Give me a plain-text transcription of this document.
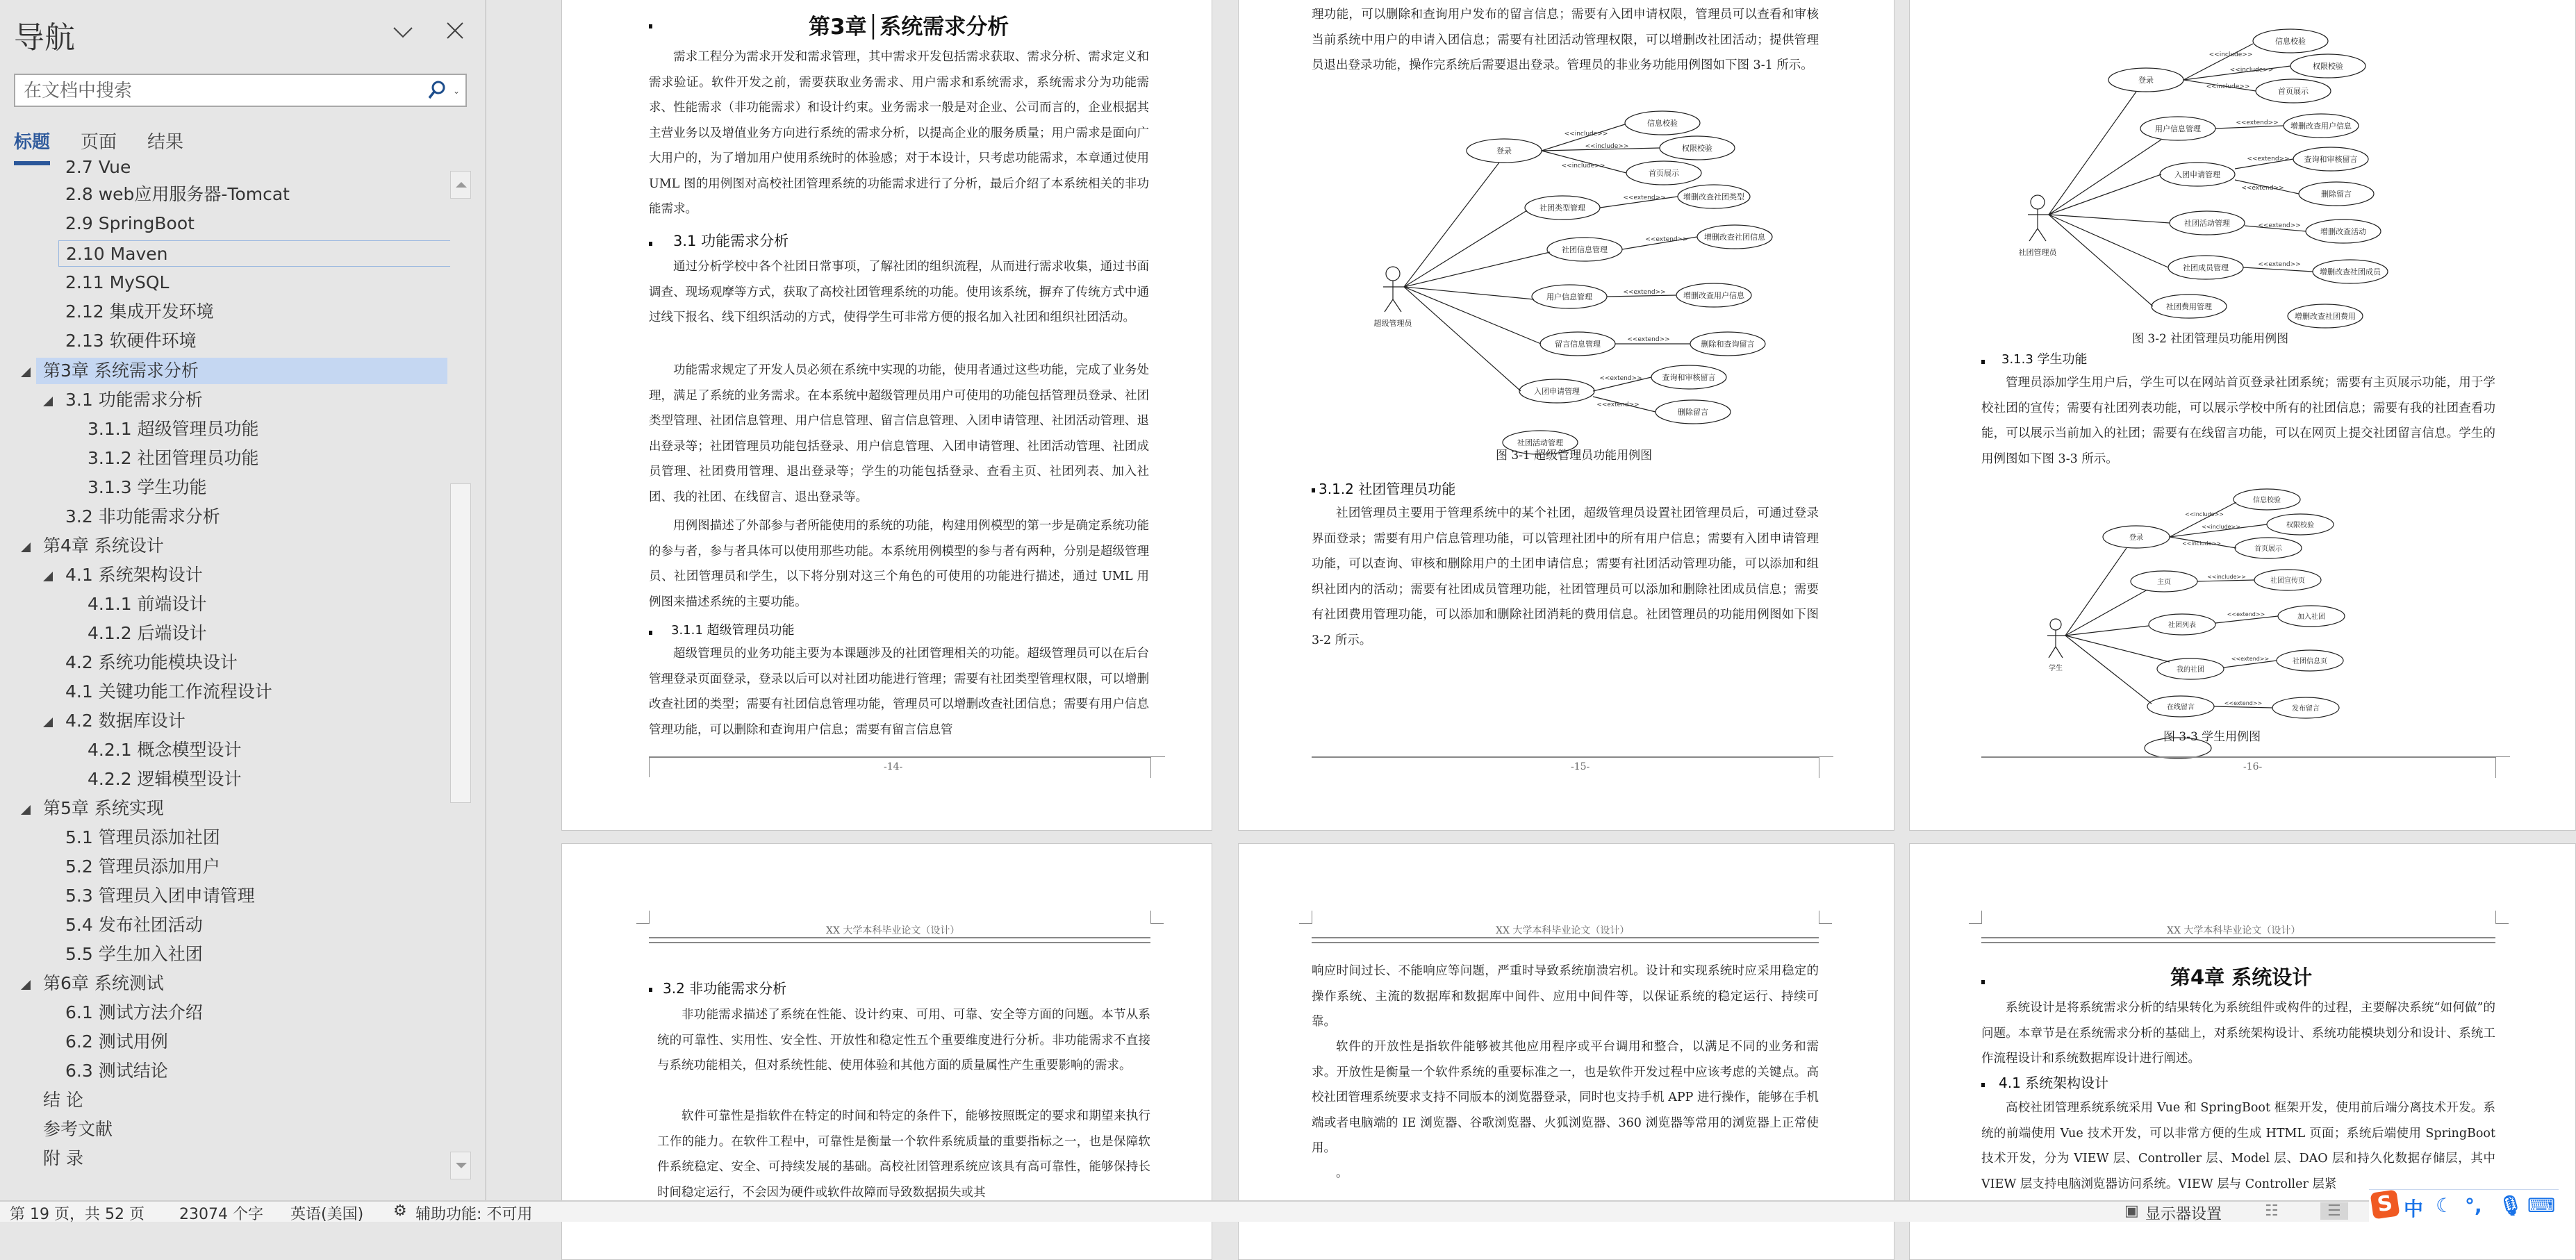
导航
在文档中搜索
⌄
标题 页面 结果
2.7 Vue
2.8 web应用服务器-Tomcat
2.9 SpringBoot
2.10 Maven
2.11 MySQL
2.12 集成开发环境
2.13 软硬件环境
第3章 系统需求分析
3.1 功能需求分析
3.1.1 超级管理员功能
3.1.2 社团管理员功能
3.1.3 学生功能
3.2 非功能需求分析
第4章 系统设计
4.1 系统架构设计
4.1.1 前端设计
4.1.2 后端设计
4.2 系统功能模块设计
4.1 关键功能工作流程设计
4.2 数据库设计
4.2.1 概念模型设计
4.2.2 逻辑模型设计
第5章 系统实现
5.1 管理员添加社团
5.2 管理员添加用户
5.3 管理员入团申请管理
5.4 发布社团活动
5.5 学生加入社团
第6章 系统测试
6.1 测试方法介绍
6.2 测试用例
6.3 测试结论
结 论
参考文献
附 录
第3章│系统需求分析
需求工程分为需求开发和需求管理，其中需求开发包括需求获取、需求分析、需求定义和需求验证。软件开发之前，需要获取业务需求、用户需求和系统需求，系统需求分为功能需求、性能需求（非功能需求）和设计约束。业务需求一般是对企业、公司而言的，企业根据其主营业务以及增值业务方向进行系统的需求分析，以提高企业的服务质量；用户需求是面向广大用户的，为了增加用户使用系统时的体验感；对于本设计，只考虑功能需求，本章通过使用 UML 图的用例图对高校社团管理系统的功能需求进行了分析，最后介绍了本系统相关的非功能需求。
3.1 功能需求分析
通过分析学校中各个社团日常事项，了解社团的组织流程，从而进行需求收集，通过书面调查、现场观摩等方式，获取了高校社团管理系统的功能。使用该系统，摒弃了传统方式中通过线下报名、线下组织活动的方式，使得学生可非常方便的报名加入社团和组织社团活动。
功能需求规定了开发人员必须在系统中实现的功能，使用者通过这些功能，完成了业务处理，满足了系统的业务需求。在本系统中超级管理员用户可使用的功能包括管理员登录、社团类型管理、社团信息管理、用户信息管理、留言信息管理、入团申请管理、社团活动管理、退出登录等；社团管理员功能包括登录、用户信息管理、入团申请管理、社团活动管理、社团成员管理、社团费用管理、退出登录等；学生的功能包括登录、查看主页、社团列表、加入社团、我的社团、在线留言、退出登录等。
用例图描述了外部参与者所能使用的系统的功能，构建用例模型的第一步是确定系统功能的参与者，参与者具体可以使用那些功能。本系统用例模型的参与者有两种，分别是超级管理员、社团管理员和学生，以下将分别对这三个角色的可使用的功能进行描述，通过 UML 用例图来描述系统的主要功能。
3.1.1 超级管理员功能
超级管理员的业务功能主要为本课题涉及的社团管理相关的功能。超级管理员可以在后台管理登录页面登录，登录以后可以对社团功能进行管理；需要有社团类型管理权限，可以增删改查社团的类型；需要有社团信息管理功能，管理员可以增删改查社团信息；需要有用户信息管理功能，可以删除和查询用户信息；需要有留言信息管
-14-
理功能，可以删除和查询用户发布的留言信息；需要有入团申请权限，管理员可以查看和审核当前系统中用户的申请入团信息；需要有社团活动管理权限，可以增删改社团活动；提供管理员退出登录功能，操作完系统后需要退出登录。管理员的非业务功能用例图如下图 3-1 所示。
超级管理员
登录
信息校验
权限校验
首页展示
社团类型管理
增删改查社团类型
社团信息管理
增删改查社团信息
用户信息管理	增删改查用户信息
留言信息管理	删除和查询留言
入团申请管理
查询和审核留言
删除留言
社团活动管理
<<include>>
<<include>>
<<include>>
<<extend>>
<<extend>>
<<extend>>
<<extend>>
<<extend>>
<<extend>>
图 3-1 超级管理员功能用例图
3.1.2 社团管理员功能
社团管理员主要用于管理系统中的某个社团，超级管理员设置社团管理员后，可通过登录界面登录；需要有用户信息管理功能，可以管理社团中的所有用户信息；需要有入团申请管理功能，可以查询、审核和删除用户的土团申请信息；需要有社团活动管理功能，可以添加和组织社团内的活动；需要有社团成员管理功能，社团管理员可以添加和删除社团成员信息；需要有社团费用管理功能，可以添加和删除社团消耗的费用信息。社团管理员的功能用例图如下图 3-2 所示。
-15-
社团管理员
登录
信息校验
权限校验
首页展示
用户信息管理	增删改查用户信息
入团申请管理
查询和审核留言
删除留言
社团活动管理
增删改查活动
社团成员管理	增删改查社团成员
社团费用管理
增删改查社团费用
<<include>>
<<include>>
<<include>>
<<extend>>
<<extend>>
<<extend>>
<<extend>>
<<extend>>
图 3-2 社团管理员功能用例图
3.1.3 学生功能
管理员添加学生用户后，学生可以在网站首页登录社团系统；需要有主页展示功能，用于学校社团的宣传；需要有社团列表功能，可以展示学校中所有的社团信息；需要有我的社团查看功能，可以展示当前加入的社团；需要有在线留言功能，可以在网页上提交社团留言信息。学生的用例图如下图 3-3 所示。
学生
登录
信息校验
权限校验
首页展示
主页	社团宣传页
社团列表
加入社团
我的社团
社团信息页
在线留言	发布留言
<<include>>
<<include>>
<<include>>
<<include>>
<<extend>>
<<extend>>
<<extend>>
图 3-3 学生用例图
-16-
XX 大学本科毕业论文（设计）
3.2 非功能需求分析
非功能需求描述了系统在性能、设计约束、可用、可靠、安全等方面的问题。本节从系统的可靠性、实用性、安全性、开放性和稳定性五个重要维度进行分析。非功能需求不直接与系统功能相关，但对系统性能、使用体验和其他方面的质量属性产生重要影响的需求。
软件可靠性是指软件在特定的时间和特定的条件下，能够按照既定的要求和期望来执行工作的能力。在软件工程中，可靠性是衡量一个软件系统质量的重要指标之一，也是保障软件系统稳定、安全、可持续发展的基础。高校社团管理系统应该具有高可靠性，能够保持长时间稳定运行，不会因为硬件或软件故障而导致数据损失或其
XX 大学本科毕业论文（设计）
响应时间过长、不能响应等问题，严重时导致系统崩溃宕机。设计和实现系统时应采用稳定的操作系统、主流的数据库和数据库中间件、应用中间件等，以保证系统的稳定运行、持续可靠。
软件的开放性是指软件能够被其他应用程序或平台调用和整合，以满足不同的业务和需求。开放性是衡量一个软件系统的重要标准之一，也是软件开发过程中应该考虑的关键点。高校社团管理系统要求支持不同版本的浏览器登录，同时也支持手机 APP 进行操作，能够在手机端或者电脑端的 IE 浏览器、谷歌浏览器、火狐浏览器、360 浏览器等常用的浏览器上正常使用。
。
XX 大学本科毕业论文（设计）
第4章 系统设计
系统设计是将系统需求分析的结果转化为系统组件或构件的过程，主要解决系统“如何做”的问题。本章节是在系统需求分析的基础上，对系统架构设计、系统功能模块划分和设计、系统工作流程设计和系统数据库设计进行阐述。
4.1 系统架构设计
高校社团管理系统系统采用 Vue 和 SpringBoot 框架开发，使用前后端分离技术开发。系统的前端使用 Vue 技术开发，可以非常方便的生成 HTML 页面；系统后端使用 SpringBoot 技术开发，分为 VIEW 层、Controller 层、Model 层、DAO 层和持久化数据存储层，其中 VIEW 层支持电脑浏览器访问系统。VIEW 层与 Controller 层紧
第 19 页，共 52 页 23074 个字 英语(美国) ⚙ 辅助功能: 不可用	▣ 显示器设置	☷	☰	S 中 ☾ °, 🎙 ⌨
